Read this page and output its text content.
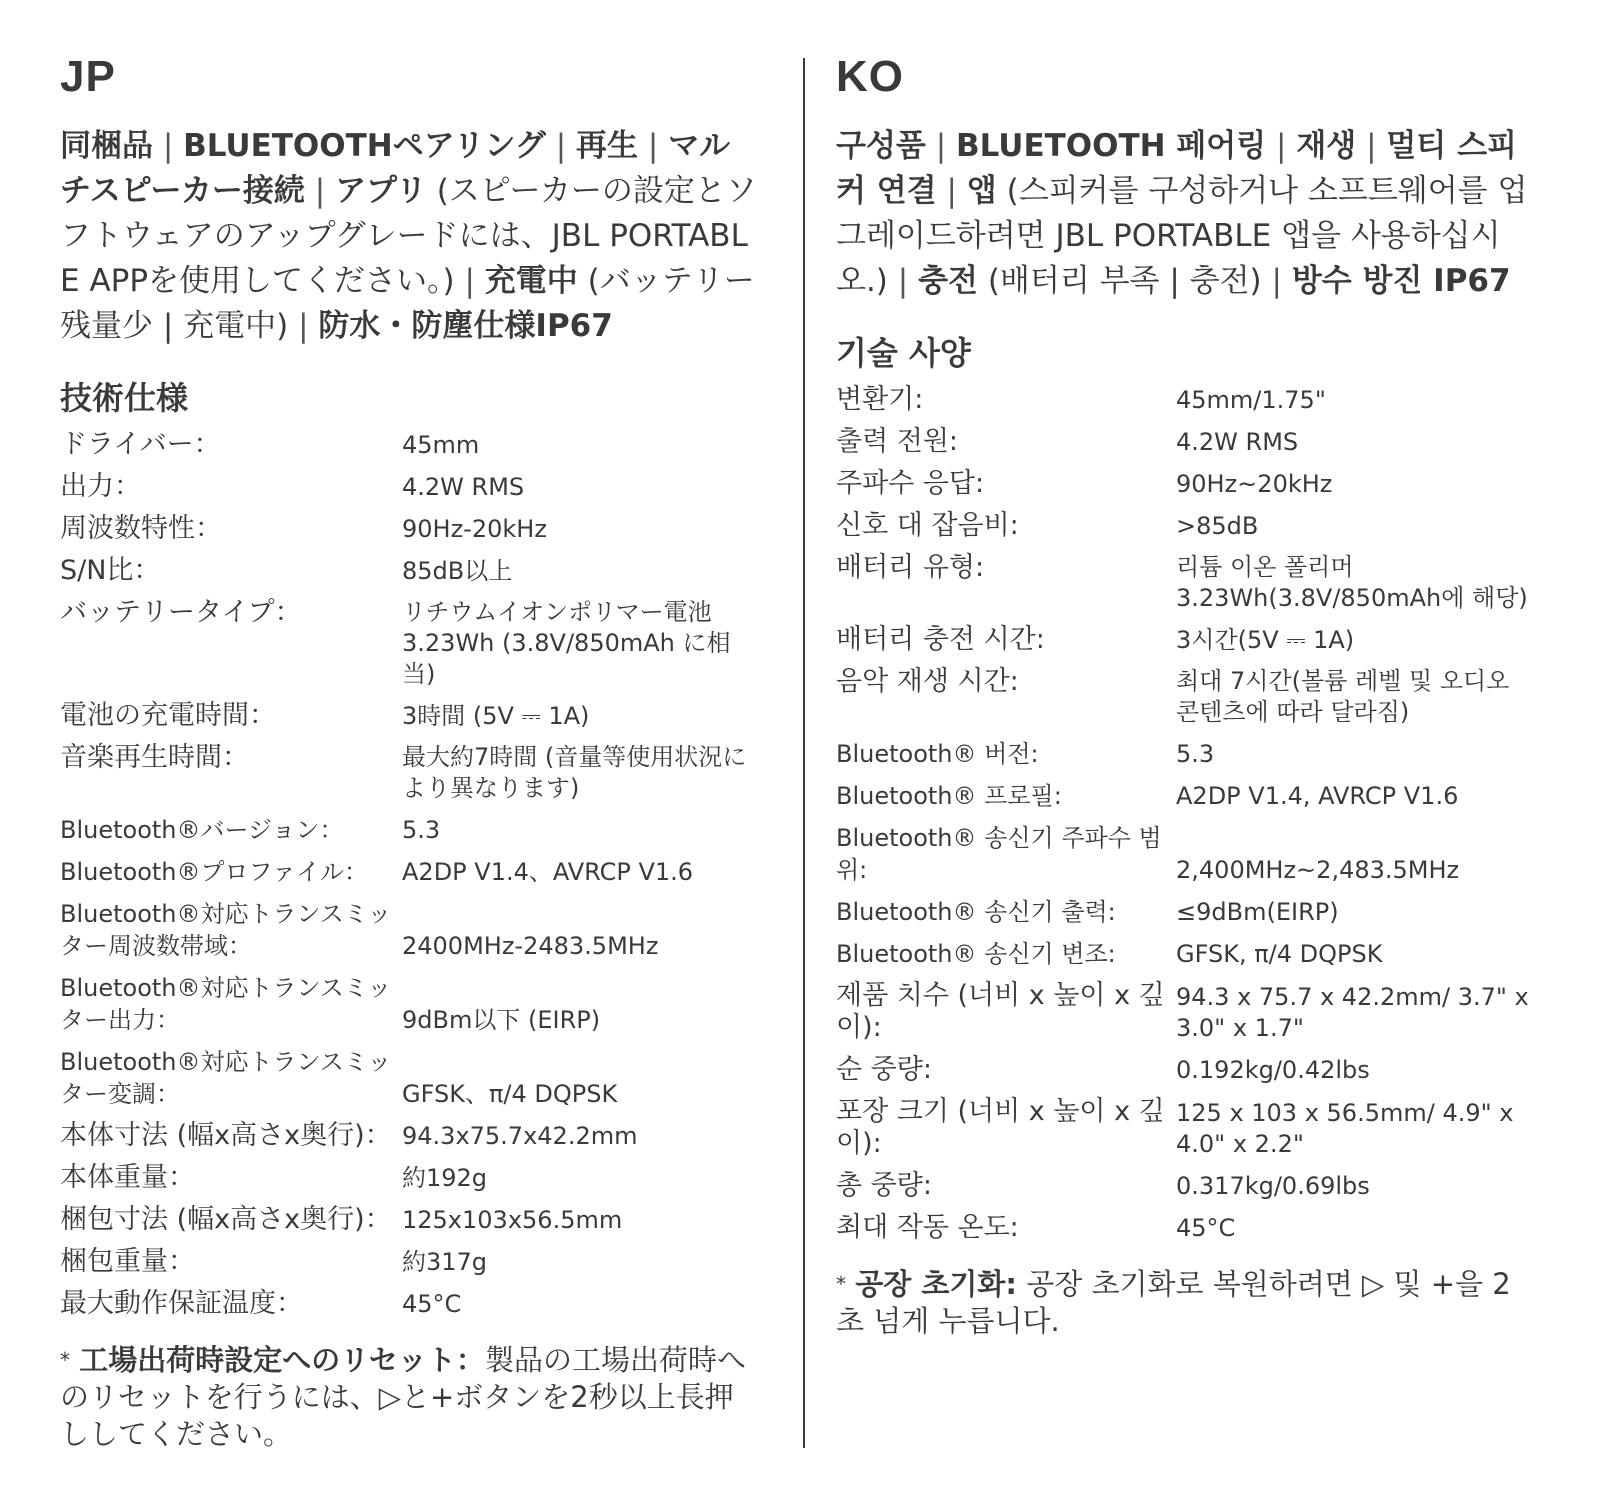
JP

同梱品 | BLUETOOTHペアリング | 再生 | マルチスピーカー接続 | アプリ (スピーカーの設定とソフトウェアのアップグレードには、JBL PORTABLE APPを使用してください。) | 充電中 (バッテリー残量少 | 充電中) | 防水・防塵仕様IP67

技術仕様
ドライバー：	45mm
出力：	4.2W RMS
周波数特性：	90Hz-20kHz
S/N比：	85dB以上
バッテリータイプ：	リチウムイオンポリマー電池3.23Wh (3.8V/850mAh に相当)
電池の充電時間：	3時間 (5V ⎓ 1A)
音楽再生時間：	最大約7時間 (音量等使用状況により異なります)
Bluetooth®バージョン：	5.3
Bluetooth®プロファイル：	A2DP V1.4、AVRCP V1.6
Bluetooth®対応トランスミッター周波数帯域：	2400MHz-2483.5MHz
Bluetooth®対応トランスミッター出力：	9dBm以下 (EIRP)
Bluetooth®対応トランスミッター変調：	GFSK、π/4 DQPSK
本体寸法 (幅x高さx奥行)： 94.3x75.7x42.2mm
本体重量：	約192g
梱包寸法 (幅x高さx奥行)： 125x103x56.5mm
梱包重量：	約317g
最大動作保証温度：	45°C
* 工場出荷時設定へのリセット：製品の工場出荷時へのリセットを行うには、▷と+ボタンを2秒以上長押ししてください。
KO

구성품 | BLUETOOTH 페어링 | 재생 | 멀티 스피커 연결 | 앱 (스피커를 구성하거나 소프트웨어를 업그레이드하려면 JBL PORTABLE 앱을 사용하십시오.) | 충전 (배터리 부족 | 충전) | 방수 방진 IP67

기술 사양
변환기:	45mm/1.75"
출력 전원:	4.2W RMS
주파수 응답:	90Hz~20kHz
신호 대 잡음비:	>85dB
배터리 유형:	리튬 이온 폴리머 3.23Wh(3.8V/850mAh에 해당)
배터리 충전 시간:	3시간(5V ⎓ 1A)
음악 재생 시간:	최대 7시간(볼륨 레벨 및 오디오 콘텐츠에 따라 달라짐)
Bluetooth® 버전:	5.3
Bluetooth® 프로필:	A2DP V1.4, AVRCP V1.6
Bluetooth® 송신기 주파수 범위:	2,400MHz~2,483.5MHz
Bluetooth® 송신기 출력:	≤9dBm(EIRP)
Bluetooth® 송신기 변조:	GFSK, π/4 DQPSK
제품 치수 (너비 x 높이 x 깊이):
94.3 x 75.7 x 42.2mm/ 3.7" x 3.0" x 1.7"
순 중량:	0.192kg/0.42lbs
포장 크기 (너비 x 높이 x 깊이):
125 x 103 x 56.5mm/ 4.9" x 4.0" x 2.2"
총 중량:	0.317kg/0.69lbs
최대 작동 온도:	45°C
* 공장 초기화: 공장 초기화로 복원하려면 ▷ 및 +을 2초 넘게 누릅니다.
